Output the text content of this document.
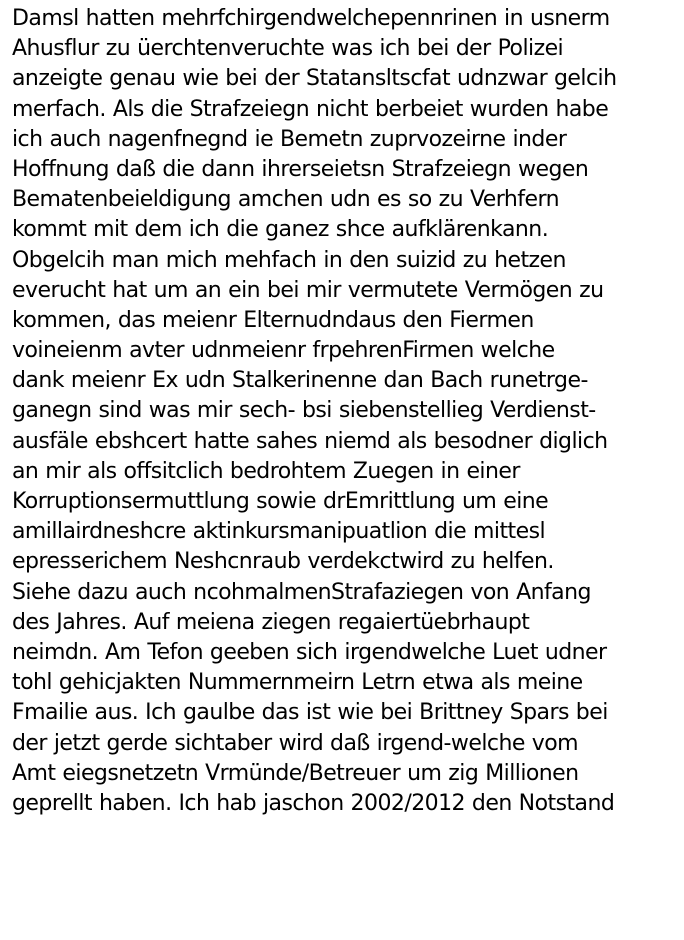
Damsl hatten mehrfchirgendwelchepennrinen in usnerm
Ahusflur zu üerchtenveruchte was ich bei der Polizei
anzeigte genau wie bei der Statansltscfat udnzwar gelcih
merfach. Als die Strafzeiegn nicht berbeiet wurden habe
ich auch nagenfnegnd ie Bemetn zuprvozeirne inder
Hoffnung daß die dann ihrerseietsn Strafzeiegn wegen
Bematenbeieldigung amchen udn es so zu Verhfern
kommt mit dem ich die ganez shce aufklärenkann.
Obgelcih man mich mehfach in den suizid zu hetzen
everucht hat um an ein bei mir vermutete Vermögen zu
kommen, das meienr Elternudndaus den Fiermen
voineienm avter udnmeienr frpehrenFirmen welche
dank meienr Ex udn Stalkerinenne dan Bach runetrge-
ganegn sind was mir sech- bsi siebenstellieg Verdienst-
ausfäle ebshcert hatte sahes niemd als besodner diglich
an mir als offsitclich bedrohtem Zuegen in einer
Korruptionsermuttlung sowie drEmrittlung um eine
amillairdneshcre aktinkursmanipuatlion die mittesl
epresserichem Neshcnraub verdekctwird zu helfen.
Siehe dazu auch ncohmalmenStrafaziegen von Anfang
des Jahres. Auf meiena ziegen regaiertüebrhaupt
neimdn. Am Tefon geeben sich irgendwelche Luet udner
tohl gehicjakten Nummernmeirn Letrn etwa als meine
Fmailie aus. Ich gaulbe das ist wie bei Brittney Spars bei
der jetzt gerde sichtaber wird daß irgend-welche vom
Amt eiegsnetzetn Vrmünde/Betreuer um zig Millionen
geprellt haben. Ich hab jaschon 2002/2012 den Notstand
